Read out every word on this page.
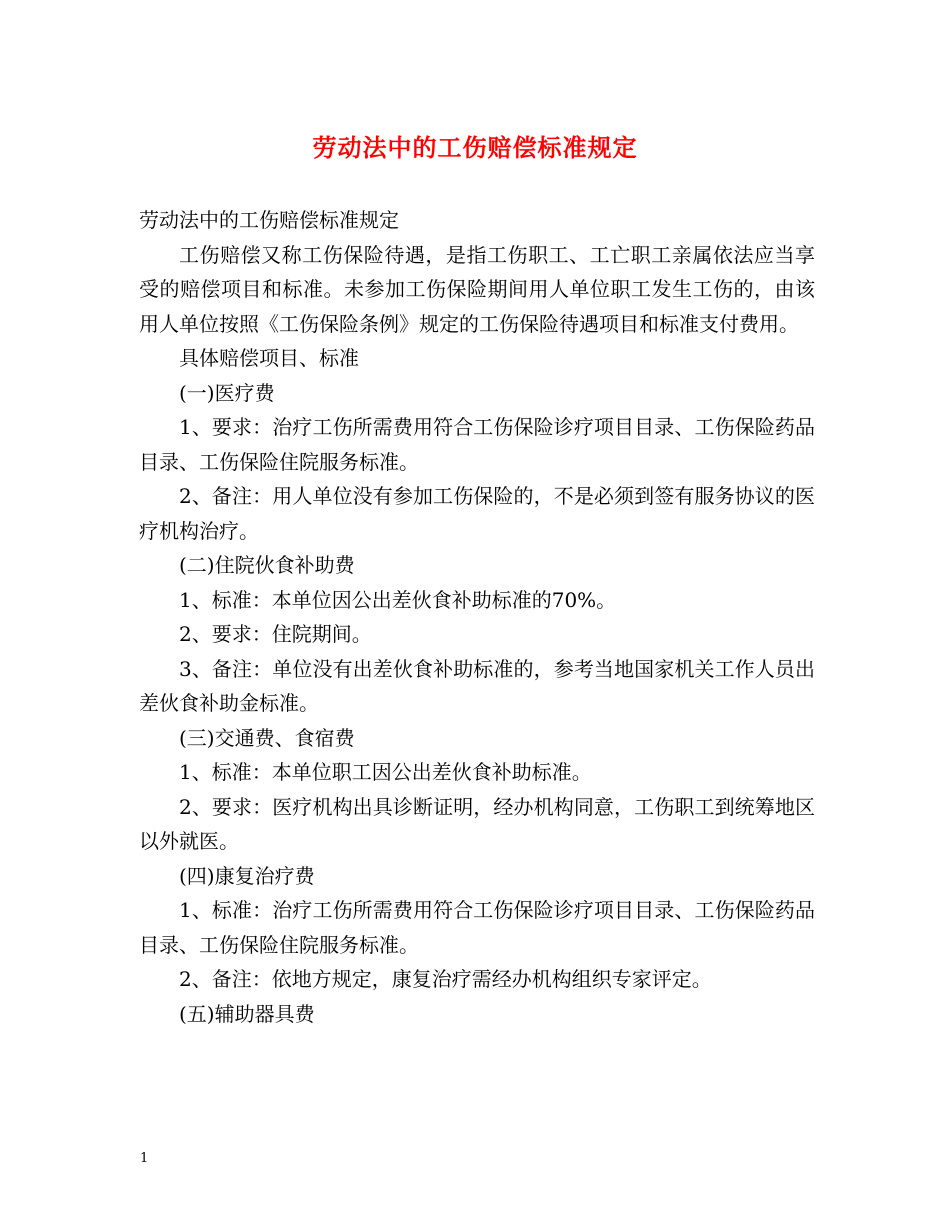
劳动法中的工伤赔偿标准规定

劳动法中的工伤赔偿标准规定

工伤赔偿又称工伤保险待遇，是指工伤职工、工亡职工亲属依法应当享受的赔偿项目和标准。未参加工伤保险期间用人单位职工发生工伤的，由该用人单位按照《工伤保险条例》规定的工伤保险待遇项目和标准支付费用。

具体赔偿项目、标准

(一)医疗费

1、要求：治疗工伤所需费用符合工伤保险诊疗项目目录、工伤保险药品目录、工伤保险住院服务标准。

2、备注：用人单位没有参加工伤保险的，不是必须到签有服务协议的医疗机构治疗。

(二)住院伙食补助费

1、标准：本单位因公出差伙食补助标准的70%。

2、要求：住院期间。

3、备注：单位没有出差伙食补助标准的，参考当地国家机关工作人员出差伙食补助金标准。

(三)交通费、食宿费

1、标准：本单位职工因公出差伙食补助标准。

2、要求：医疗机构出具诊断证明，经办机构同意，工伤职工到统筹地区以外就医。

(四)康复治疗费

1、标准：治疗工伤所需费用符合工伤保险诊疗项目目录、工伤保险药品目录、工伤保险住院服务标准。

2、备注：依地方规定，康复治疗需经办机构组织专家评定。

(五)辅助器具费

1
